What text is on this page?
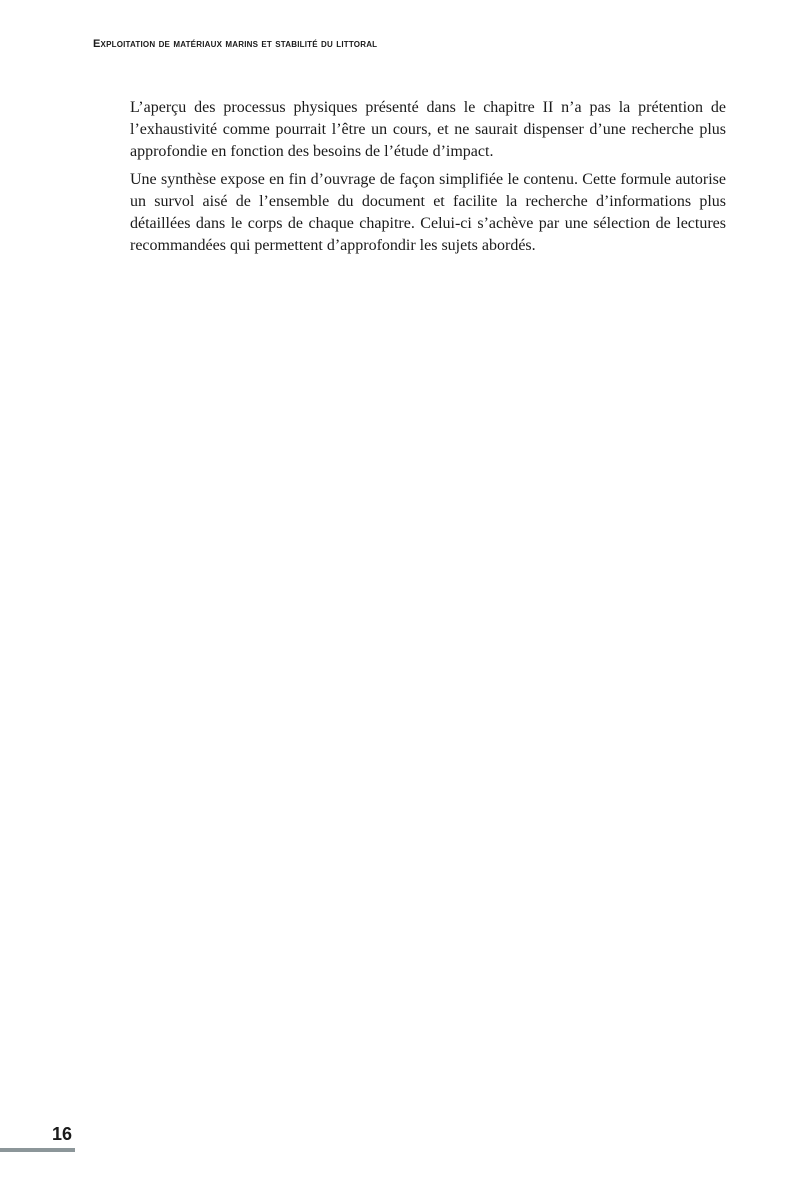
Exploitation de matériaux marins et stabilité du littoral

L’aperçu des processus physiques présenté dans le chapitre II n’a pas la prétention de l’exhaustivité comme pourrait l’être un cours, et ne saurait dispenser d’une recherche plus approfondie en fonction des besoins de l’étude d’impact.

Une synthèse expose en fin d’ouvrage de façon simplifiée le contenu. Cette formule autorise un survol aisé de l’ensemble du document et facilite la recherche d’informations plus détaillées dans le corps de chaque chapitre. Celui-ci s’achève par une sélection de lectures recommandées qui permettent d’approfondir les sujets abordés.

16
